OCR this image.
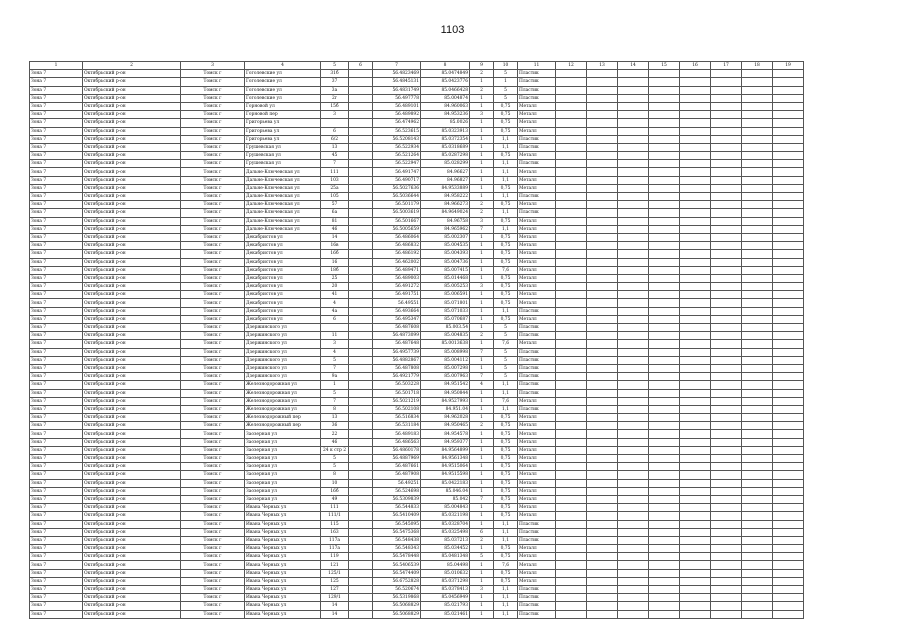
1103
1	2	3	4	5	6	7	8	9	10	11	12	13	14	15	16	17	18	19
Зона 7	Октябрьский р-он	Томск г	Гоголевские ул	31б		56.4823469	85.0474849	2	5	Пластик								
Зона 7	Октябрьский р-он	Томск г	Гоголевские ул	37		56.4845131	85.0423776	1	1	Пластик								
Зона 7	Октябрьский р-он	Томск г	Гоголевские ул	3а		56.4831749	85.0466428	2	5	Пластик								
Зона 7	Октябрьский р-он	Томск г	Гоголевские ул	2г		56.497778	85.004874	1	5	Пластик								
Зона 7	Октябрьский р-он	Томск г	Горновой ул	15б		56.489101	84.960063	1	0,75	Металл								
Зона 7	Октябрьский р-он	Томск г	Горновой пер	3		56.489892	84.953236	3	0,75	Металл								
Зона 7	Октябрьский р-он	Томск г	Григорьева ул			56.474962	85.0026	1	0,75	Металл								
Зона 7	Октябрьский р-он	Томск г	Григорьева ул	6		56.523615	85.0323913	1	0,75	Металл								
Зона 7	Октябрьский р-он	Томск г	Григорьева ул	6/2		56.5208143	85.0372354	1	1,1	Пластик								
Зона 7	Октябрьский р-он	Томск г	Грушевская ул	13		56.522934	85.0318689	1	1,1	Пластик								
Зона 7	Октябрьский р-он	Томск г	Грушевская ул	45		56.521264	85.0287298	1	0,75	Металл								
Зона 7	Октябрьский р-он	Томск г	Грушевская ул	7		56.522947	85.028299	1	1,1	Пластик								
Зона 7	Октябрьский р-он	Томск г	Дальне-Ключевская ул	111		56.491747	84.96627	1	1,1	Металл								
Зона 7	Октябрьский р-он	Томск г	Дальне-Ключевская ул	103		56.490717	84.96827	1	1,1	Металл								
Зона 7	Октябрьский р-он	Томск г	Дальне-Ключевская ул	25а		56.5027636	84.9533889	1	0,75	Металл								
Зона 7	Октябрьский р-он	Томск г	Дальне-Ключевская ул	105		56.5036644	84.958222	1	1,1	Пластик								
Зона 7	Октябрьский р-он	Томск г	Дальне-Ключевская ул	57		56.501179	84.966273	2	0,75	Металл								
Зона 7	Октябрьский р-он	Томск г	Дальне-Ключевская ул	6а		56.5003619	84.9649024	2	1,1	Пластик								
Зона 7	Октябрьский р-он	Томск г	Дальне-Ключевская ул	81		56.501667	84.96758	3	0,75	Металл								
Зона 7	Октябрьский р-он	Томск г	Дальне-Ключевская ул	46		56.5005659	84.965962	7	1,1	Металл								
Зона 7	Октябрьский р-он	Томск г	Декабристов ул	14		56.486064	85.002307	1	0,75	Металл								
Зона 7	Октябрьский р-он	Томск г	Декабристов ул	16в		56.486832	85.004535	1	0,75	Металл								
Зона 7	Октябрьский р-он	Томск г	Декабристов ул	16б		56.486192	85.004393	1	0,75	Металл								
Зона 7	Октябрьский р-он	Томск г	Декабристов ул	16		56.462002	85.004736	1	0,75	Металл								
Зона 7	Октябрьский р-он	Томск г	Декабристов ул	18б		56.489471	85.007415	1	7,6	Металл								
Зона 7	Октябрьский р-он	Томск г	Декабристов ул	25		56.489003	85.014468	1	0,75	Металл								
Зона 7	Октябрьский р-он	Томск г	Декабристов ул	20		56.491272	85.005253	3	0,75	Металл								
Зона 7	Октябрьский р-он	Томск г	Декабристов ул	41		56.491751	85.006591	1	0,75	Металл								
Зона 7	Октябрьский р-он	Томск г	Декабристов ул	4		56.49551	85.071801	1	0,75	Металл								
Зона 7	Октябрьский р-он	Томск г	Декабристов ул	4а		56.493664	85.071033	1	1,1	Пластик								
Зона 7	Октябрьский р-он	Томск г	Декабристов ул	6		56.495347	85.070687	1	0,75	Металл								
Зона 7	Октябрьский р-он	Томск г	Дзержинского ул			56.487608	85.003.54	1	5	Пластик								
Зона 7	Октябрьский р-он	Томск г	Дзержинского ул	11		56.4873099	85.004835	2	5	Пластик								
Зона 7	Октябрьский р-он	Томск г	Дзержинского ул	3		56.487648	85.0013638	1	7,6	Металл								
Зона 7	Октябрьский р-он	Томск г	Дзержинского ул	4		56.4957739	85.008998	7	5	Пластик								
Зона 7	Октябрьский р-он	Томск г	Дзержинского ул	5		56.4882867	85.004112	1	5	Пластик								
Зона 7	Октябрьский р-он	Томск г	Дзержинского ул	7		56.487808	85.007298	1	5	Пластик								
Зона 7	Октябрьский р-он	Томск г	Дзержинского ул	9а		56.4921779	85.007963	7	5	Пластик								
Зона 7	Октябрьский р-он	Томск г	Железнодорожная ул	1		56.503228	84.951542	4	1,1	Пластик								
Зона 7	Октябрьский р-он	Томск г	Железнодорожная ул	5		56.501718	84.950844	1	1,1	Пластик								
Зона 7	Октябрьский р-он	Томск г	Железнодорожная ул	7		56.5021219	84.9527993	1	7,6	Металл								
Зона 7	Октябрьский р-он	Томск г	Железнодорожная ул	8		56.502108	84.951.04	1	1,1	Пластик								
Зона 7	Октябрьский р-он	Томск г	Железнодорожный пер	13		56.516834	84.962028	1	0,75	Металл								
Зона 7	Октябрьский р-он	Томск г	Железнодорожный пер	36		56.531184	84.950465	2	0,75	Металл								
Зона 7	Октябрьский р-он	Томск г	Заозерная ул	22		56.489183	84.954578	1	0,75	Металл								
Зона 7	Октябрьский р-он	Томск г	Заозерная ул	46		56.486563	84.959377	1	0,75	Металл								
Зона 7	Октябрьский р-он	Томск г	Заозерная ул	24 к стр 2		56.4860178	84.9564899	1	0,75	Металл								
Зона 7	Октябрьский р-он	Томск г	Заозерная ул	5		56.4887969	84.9561348	1	0,75	Металл								
Зона 7	Октябрьский р-он	Томск г	Заозерная ул	5		56.487661	84.9515064	1	0,75	Металл								
Зона 7	Октябрьский р-он	Томск г	Заозерная ул	8		56.487908	84.9515598	1	0,75	Металл								
Зона 7	Октябрьский р-он	Томск г	Заозерная ул	10		56.49251	85.0422183	1	0,75	Металл								
Зона 7	Октябрьский р-он	Томск г	Заозерная ул	16б		56.524698	85.046.04	1	0,75	Металл								
Зона 7	Октябрьский р-он	Томск г	Заозерная ул	49		56.5309839	85.042	7	0,75	Металл								
Зона 7	Октябрьский р-он	Томск г	Ивана Черных ул	111		56.544833	85.004843	1	0,75	Металл								
Зона 7	Октябрьский р-он	Томск г	Ивана Черных ул	111/1		56.5410409	85.0321198	1	0,75	Металл								
Зона 7	Октябрьский р-он	Томск г	Ивана Черных ул	115		56.545095	85.0328704	1	1,1	Пластик								
Зона 7	Октябрьский р-он	Томск г	Ивана Черных ул	163		56.5475368	85.0325498	6	1,1	Пластик								
Зона 7	Октябрьский р-он	Томск г	Ивана Черных ул	117а		56.548438	85.037213	2	1,1	Пластик								
Зона 7	Октябрьский р-он	Томск г	Ивана Черных ул	117а		56.548343	85.034452	1	0,75	Металл								
Зона 7	Октябрьский р-он	Томск г	Ивана Черных ул	119		56.5478448	85.0481348	5	0,75	Металл								
Зона 7	Октябрьский р-он	Томск г	Ивана Черных ул	121		56.5406539	85.04498	1	7,6	Металл								
Зона 7	Октябрьский р-он	Томск г	Ивана Черных ул	125/1		56.5474409	85.010632	1	0,75	Металл								
Зона 7	Октябрьский р-он	Томск г	Ивана Черных ул	125		56.6752828	85.0371298	1	0,75	Металл								
Зона 7	Октябрьский р-он	Томск г	Ивана Черных ул	127		56.520674	85.0378413	3	1,1	Пластик								
Зона 7	Октябрьский р-он	Томск г	Ивана Черных ул	129/1		56.5319868	85.0456949	1	1,1	Пластик								
Зона 7	Октябрьский р-он	Томск г	Ивана Черных ул	14		56.5068829	85.021793	1	1,1	Пластик								
Зона 7	Октябрьский р-он	Томск г	Ивана Черных ул	14		56.5068829	85.021461	1	1,1	Пластик								
